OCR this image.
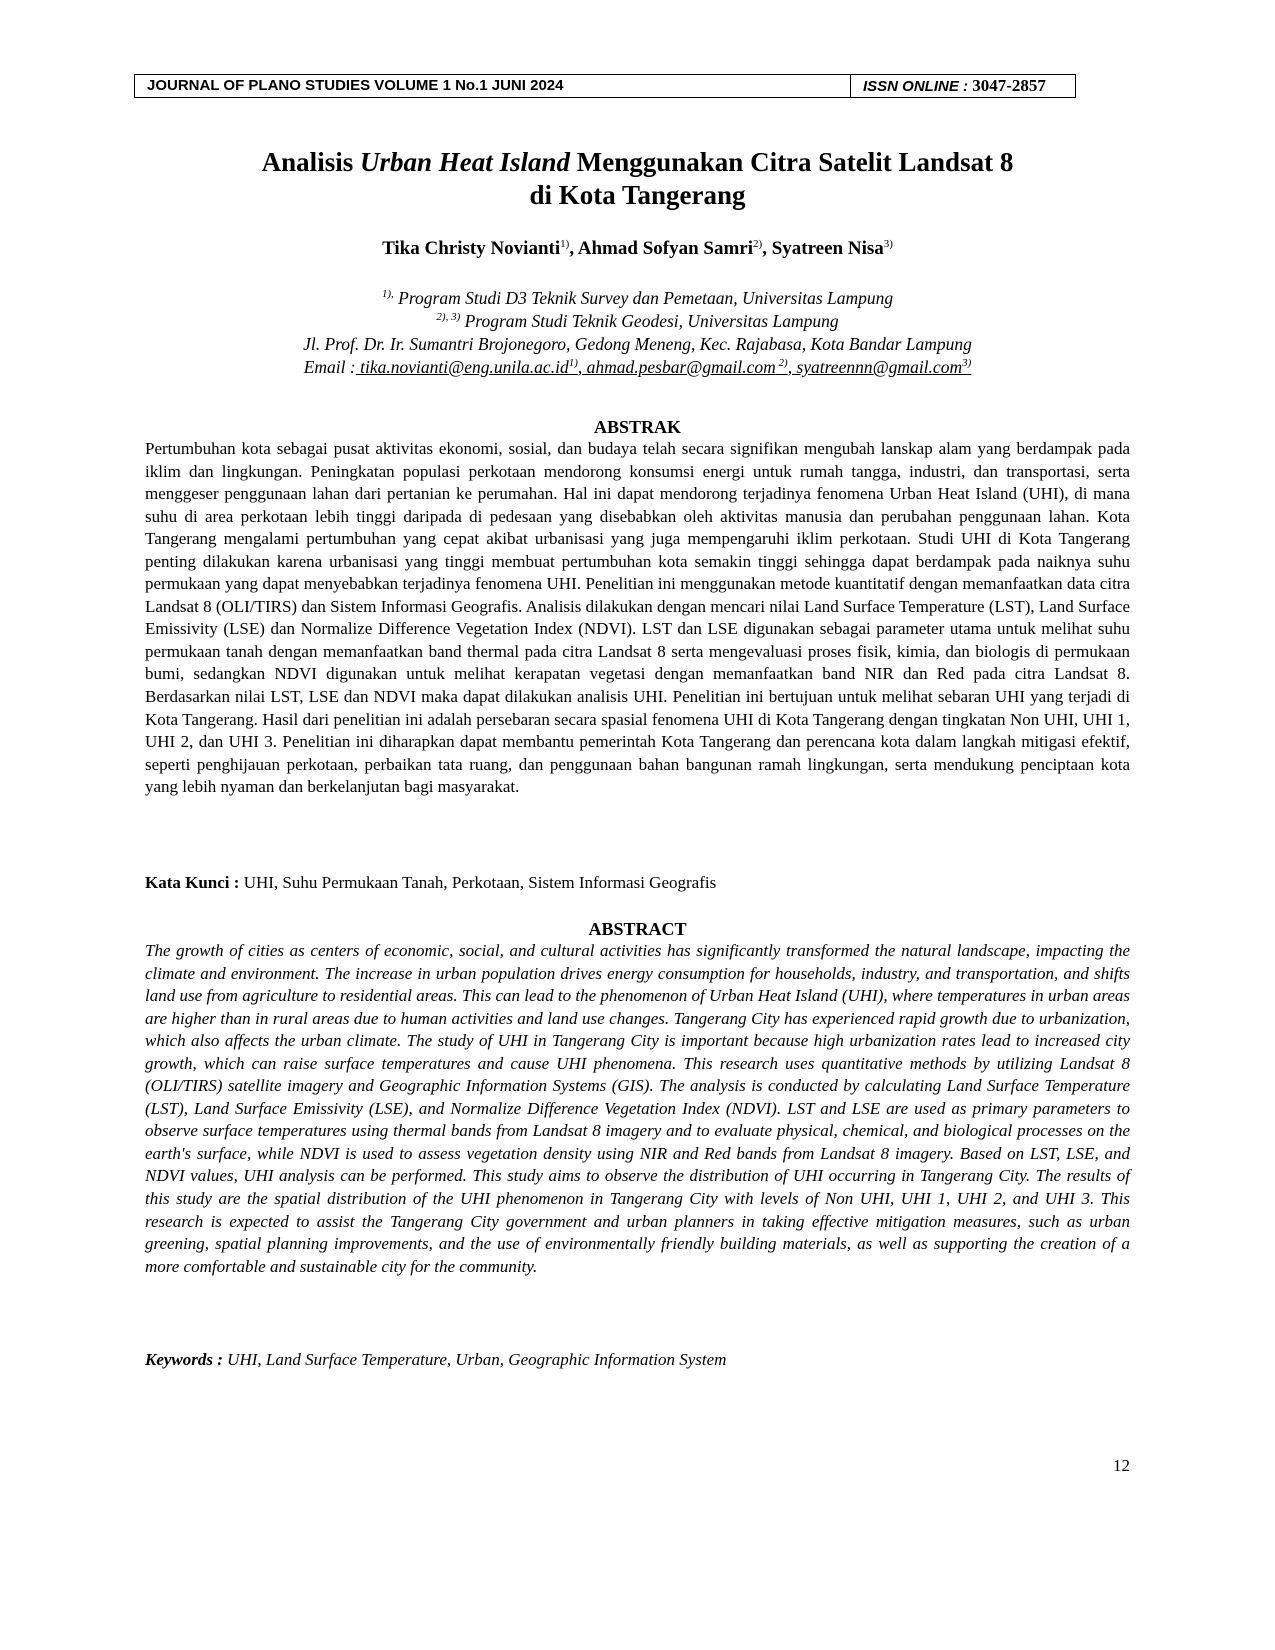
JOURNAL OF PLANO STUDIES VOLUME 1 No.1 JUNI 2024	ISSN ONLINE : 3047-2857
Analisis Urban Heat Island Menggunakan Citra Satelit Landsat 8
di Kota Tangerang
Tika Christy Novianti$^{1)}$, Ahmad Sofyan Samri$^{2)}$, Syatreen Nisa$^{3)}$
$^{1),}$ Program Studi D3 Teknik Survey dan Pemetaan, Universitas Lampung
$^{2), 3)}$ Program Studi Teknik Geodesi, Universitas Lampung
Jl. Prof. Dr. Ir. Sumantri Brojonegoro, Gedong Meneng, Kec. Rajabasa, Kota Bandar Lampung
Email : $tika.novianti@eng.unila.ac.id^{1)}$, ahmad.pesbar@gmail.com $^{2)}$, syatreennn@gmail.com$^{3)}$
ABSTRAK

Pertumbuhan kota sebagai pusat aktivitas ekonomi, sosial, dan budaya telah secara signifikan mengubah lanskap alam yang berdampak pada iklim dan lingkungan. Peningkatan populasi perkotaan mendorong konsumsi energi untuk rumah tangga, industri, dan transportasi, serta menggeser penggunaan lahan dari pertanian ke perumahan. Hal ini dapat mendorong terjadinya fenomena Urban Heat Island (UHI), di mana suhu di area perkotaan lebih tinggi daripada di pedesaan yang disebabkan oleh aktivitas manusia dan perubahan penggunaan lahan. Kota Tangerang mengalami pertumbuhan yang cepat akibat urbanisasi yang juga mempengaruhi iklim perkotaan. Studi UHI di Kota Tangerang penting dilakukan karena urbanisasi yang tinggi membuat pertumbuhan kota semakin tinggi sehingga dapat berdampak pada naiknya suhu permukaan yang dapat menyebabkan terjadinya fenomena UHI. Penelitian ini menggunakan metode kuantitatif dengan memanfaatkan data citra Landsat 8 (OLI/TIRS) dan Sistem Informasi Geografis. Analisis dilakukan dengan mencari nilai Land Surface Temperature (LST), Land Surface Emissivity (LSE) dan Normalize Difference Vegetation Index (NDVI). LST dan LSE digunakan sebagai parameter utama untuk melihat suhu permukaan tanah dengan memanfaatkan band thermal pada citra Landsat 8 serta mengevaluasi proses fisik, kimia, dan biologis di permukaan bumi, sedangkan NDVI digunakan untuk melihat kerapatan vegetasi dengan memanfaatkan band NIR dan Red pada citra Landsat 8. Berdasarkan nilai LST, LSE dan NDVI maka dapat dilakukan analisis UHI. Penelitian ini bertujuan untuk melihat sebaran UHI yang terjadi di Kota Tangerang. Hasil dari penelitian ini adalah persebaran secara spasial fenomena UHI di Kota Tangerang dengan tingkatan Non UHI, UHI 1, UHI 2, dan UHI 3. Penelitian ini diharapkan dapat membantu pemerintah Kota Tangerang dan perencana kota dalam langkah mitigasi efektif, seperti penghijauan perkotaan, perbaikan tata ruang, dan penggunaan bahan bangunan ramah lingkungan, serta mendukung penciptaan kota yang lebih nyaman dan berkelanjutan bagi masyarakat.

Kata Kunci : UHI, Suhu Permukaan Tanah, Perkotaan, Sistem Informasi Geografis
ABSTRACT

The growth of cities as centers of economic, social, and cultural activities has significantly transformed the natural landscape, impacting the climate and environment. The increase in urban population drives energy consumption for households, industry, and transportation, and shifts land use from agriculture to residential areas. This can lead to the phenomenon of Urban Heat Island (UHI), where temperatures in urban areas are higher than in rural areas due to human activities and land use changes. Tangerang City has experienced rapid growth due to urbanization, which also affects the urban climate. The study of UHI in Tangerang City is important because high urbanization rates lead to increased city growth, which can raise surface temperatures and cause UHI phenomena. This research uses quantitative methods by utilizing Landsat 8 (OLI/TIRS) satellite imagery and Geographic Information Systems (GIS). The analysis is conducted by calculating Land Surface Temperature (LST), Land Surface Emissivity (LSE), and Normalize Difference Vegetation Index (NDVI). LST and LSE are used as primary parameters to observe surface temperatures using thermal bands from Landsat 8 imagery and to evaluate physical, chemical, and biological processes on the earth's surface, while NDVI is used to assess vegetation density using NIR and Red bands from Landsat 8 imagery. Based on LST, LSE, and NDVI values, UHI analysis can be performed. This study aims to observe the distribution of UHI occurring in Tangerang City. The results of this study are the spatial distribution of the UHI phenomenon in Tangerang City with levels of Non UHI, UHI 1, UHI 2, and UHI 3. This research is expected to assist the Tangerang City government and urban planners in taking effective mitigation measures, such as urban greening, spatial planning improvements, and the use of environmentally friendly building materials, as well as supporting the creation of a more comfortable and sustainable city for the community.

Keywords : UHI, Land Surface Temperature, Urban, Geographic Information System
12
